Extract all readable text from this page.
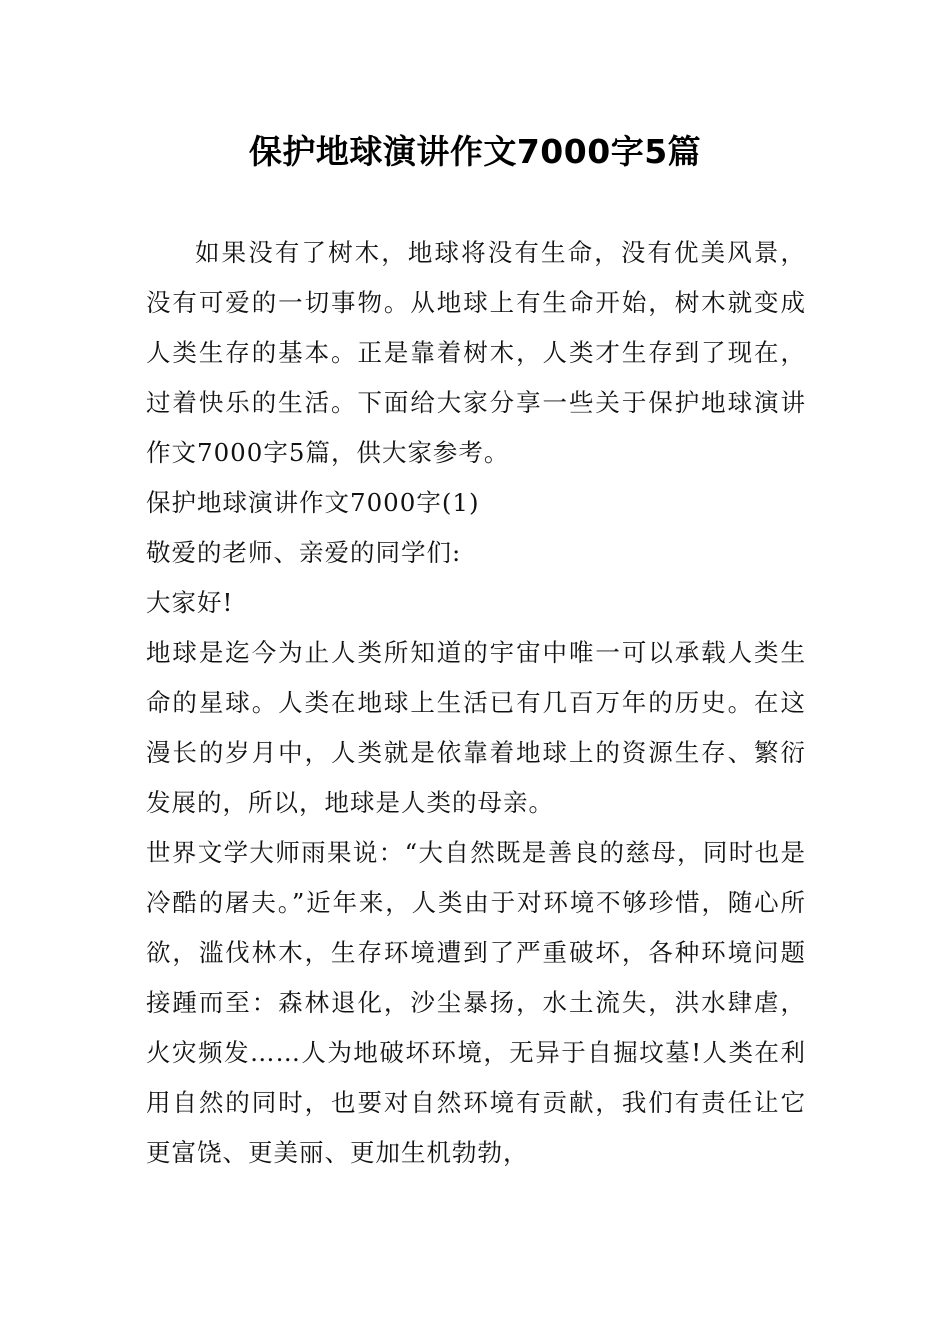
保护地球演讲作文7000字5篇

如果没有了树木，地球将没有生命，没有优美风景，没有可爱的一切事物。从地球上有生命开始，树木就变成人类生存的基本。正是靠着树木，人类才生存到了现在，过着快乐的生活。下面给大家分享一些关于保护地球演讲作文7000字5篇，供大家参考。

保护地球演讲作文7000字(1)

敬爱的老师、亲爱的同学们:

大家好!

地球是迄今为止人类所知道的宇宙中唯一可以承载人类生命的星球。人类在地球上生活已有几百万年的历史。在这漫长的岁月中，人类就是依靠着地球上的资源生存、繁衍发展的，所以，地球是人类的母亲。

世界文学大师雨果说：“大自然既是善良的慈母，同时也是冷酷的屠夫。”近年来，人类由于对环境不够珍惜，随心所欲，滥伐林木，生存环境遭到了严重破坏，各种环境问题接踵而至：森林退化，沙尘暴扬，水土流失，洪水肆虐，火灾频发……人为地破坏环境，无异于自掘坟墓!人类在利用自然的同时，也要对自然环境有贡献，我们有责任让它更富饶、更美丽、更加生机勃勃，
